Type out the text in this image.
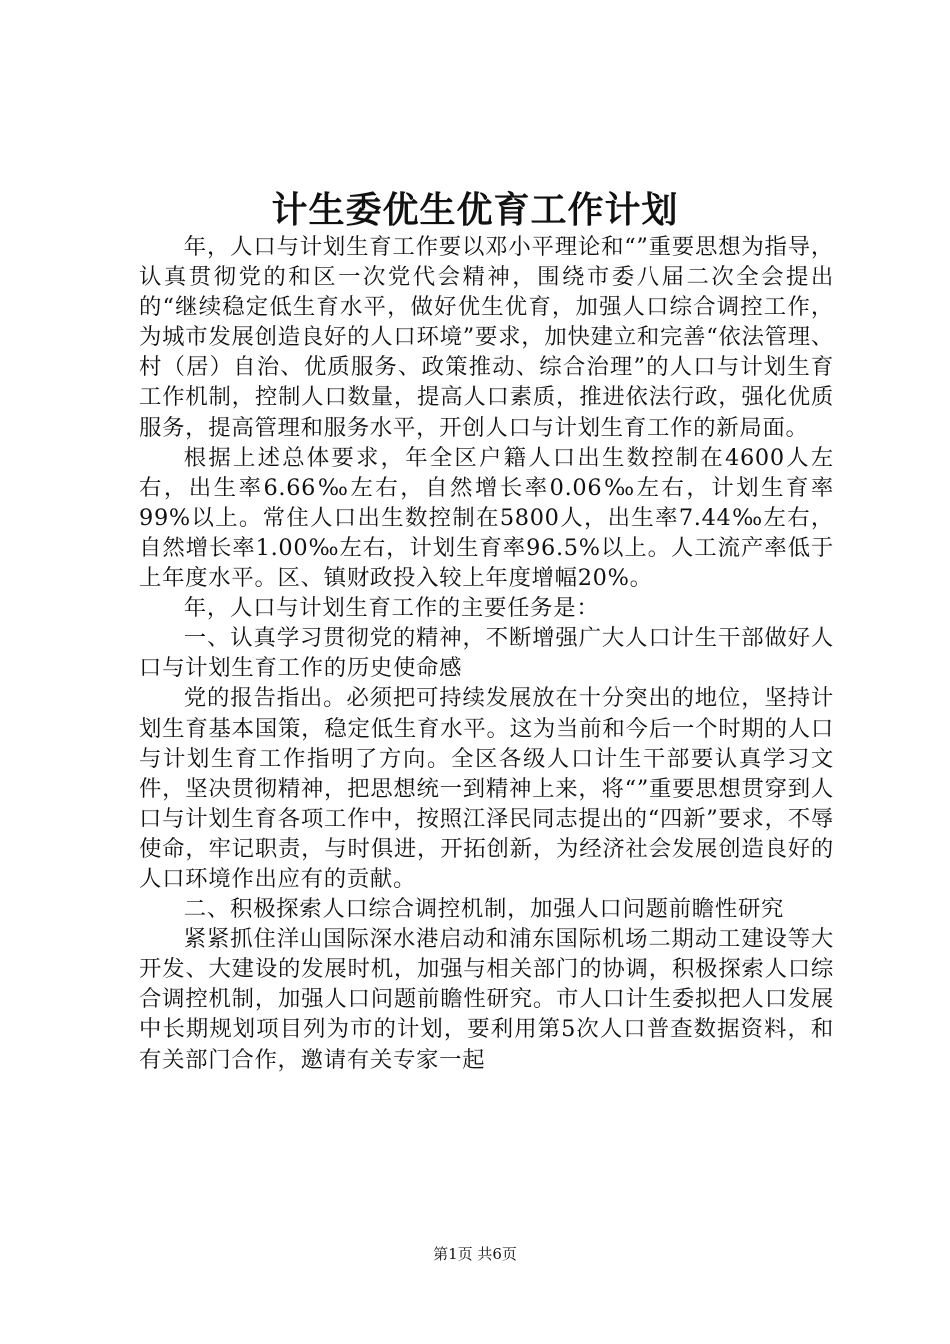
计生委优生优育工作计划

年，人口与计划生育工作要以邓小平理论和“”重要思想为指导，认真贯彻党的和区一次党代会精神，围绕市委八届二次全会提出的“继续稳定低生育水平，做好优生优育，加强人口综合调控工作，为城市发展创造良好的人口环境”要求，加快建立和完善“依法管理、村（居）自治、优质服务、政策推动、综合治理”的人口与计划生育工作机制，控制人口数量，提高人口素质，推进依法行政，强化优质服务，提高管理和服务水平，开创人口与计划生育工作的新局面。

根据上述总体要求，年全区户籍人口出生数控制在4600人左右，出生率6.66‰左右，自然增长率0.06‰左右，计划生育率99%以上。常住人口出生数控制在5800人，出生率7.44‰左右，自然增长率1.00‰左右，计划生育率96.5%以上。人工流产率低于上年度水平。区、镇财政投入较上年度增幅20%。

年，人口与计划生育工作的主要任务是：

一、认真学习贯彻党的精神，不断增强广大人口计生干部做好人口与计划生育工作的历史使命感

党的报告指出。必须把可持续发展放在十分突出的地位，坚持计划生育基本国策，稳定低生育水平。这为当前和今后一个时期的人口与计划生育工作指明了方向。全区各级人口计生干部要认真学习文件，坚决贯彻精神，把思想统一到精神上来，将“”重要思想贯穿到人口与计划生育各项工作中，按照江泽民同志提出的“四新”要求，不辱使命，牢记职责，与时俱进，开拓创新，为经济社会发展创造良好的人口环境作出应有的贡献。

二、积极探索人口综合调控机制，加强人口问题前瞻性研究

紧紧抓住洋山国际深水港启动和浦东国际机场二期动工建设等大开发、大建设的发展时机，加强与相关部门的协调，积极探索人口综合调控机制，加强人口问题前瞻性研究。市人口计生委拟把人口发展中长期规划项目列为市的计划，要利用第5次人口普查数据资料，和有关部门合作，邀请有关专家一起

第1页 共6页
